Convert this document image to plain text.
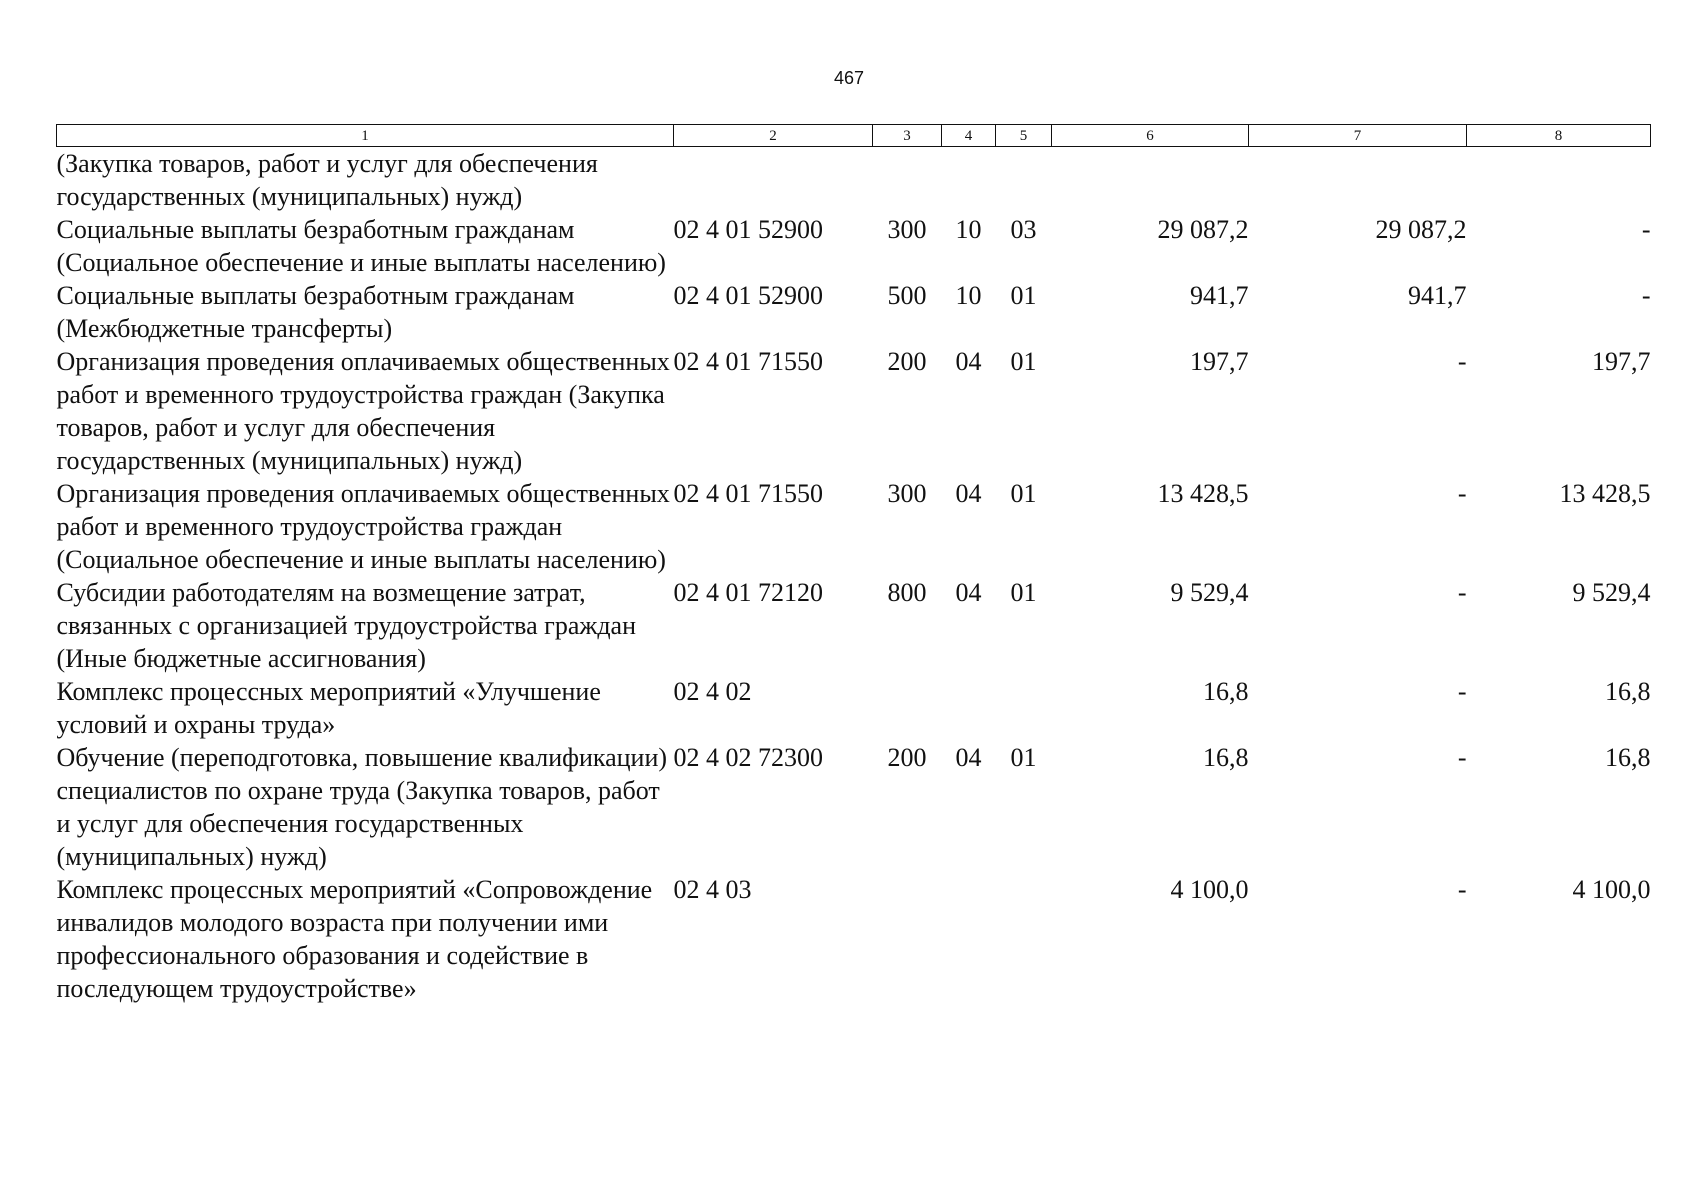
467
1	2	3	4	5	6	7	8
(Закупка товаров, работ и услуг для обеспечения государственных (муниципальных) нужд)							
Социальные выплаты безработным гражданам (Социальное обеспечение и иные выплаты населению)	02 4 01 52900	300	10	03	29 087,2	29 087,2	-
Социальные выплаты безработным гражданам (Межбюджетные трансферты)	02 4 01 52900	500	10	01	941,7	941,7	-
Организация проведения оплачиваемых общественных работ и временного трудоустройства граждан (Закупка товаров, работ и услуг для обеспечения государственных (муниципальных) нужд)	02 4 01 71550	200	04	01	197,7	-	197,7
Организация проведения оплачиваемых общественных работ и временного трудоустройства граждан (Социальное обеспечение и иные выплаты населению)	02 4 01 71550	300	04	01	13 428,5	-	13 428,5
Субсидии работодателям на возмещение затрат, связанных с организацией трудоустройства граждан (Иные бюджетные ассигнования)	02 4 01 72120	800	04	01	9 529,4	-	9 529,4
Комплекс процессных мероприятий «Улучшение условий и охраны труда»	02 4 02				16,8	-	16,8
Обучение (переподготовка, повышение квалификации) специалистов по охране труда (Закупка товаров, работ и услуг для обеспечения государственных (муниципальных) нужд)	02 4 02 72300	200	04	01	16,8	-	16,8
Комплекс процессных мероприятий «Сопровождение инвалидов молодого возраста при получении ими профессионального образования и содействие в последующем трудоустройстве»	02 4 03				4 100,0	-	4 100,0
